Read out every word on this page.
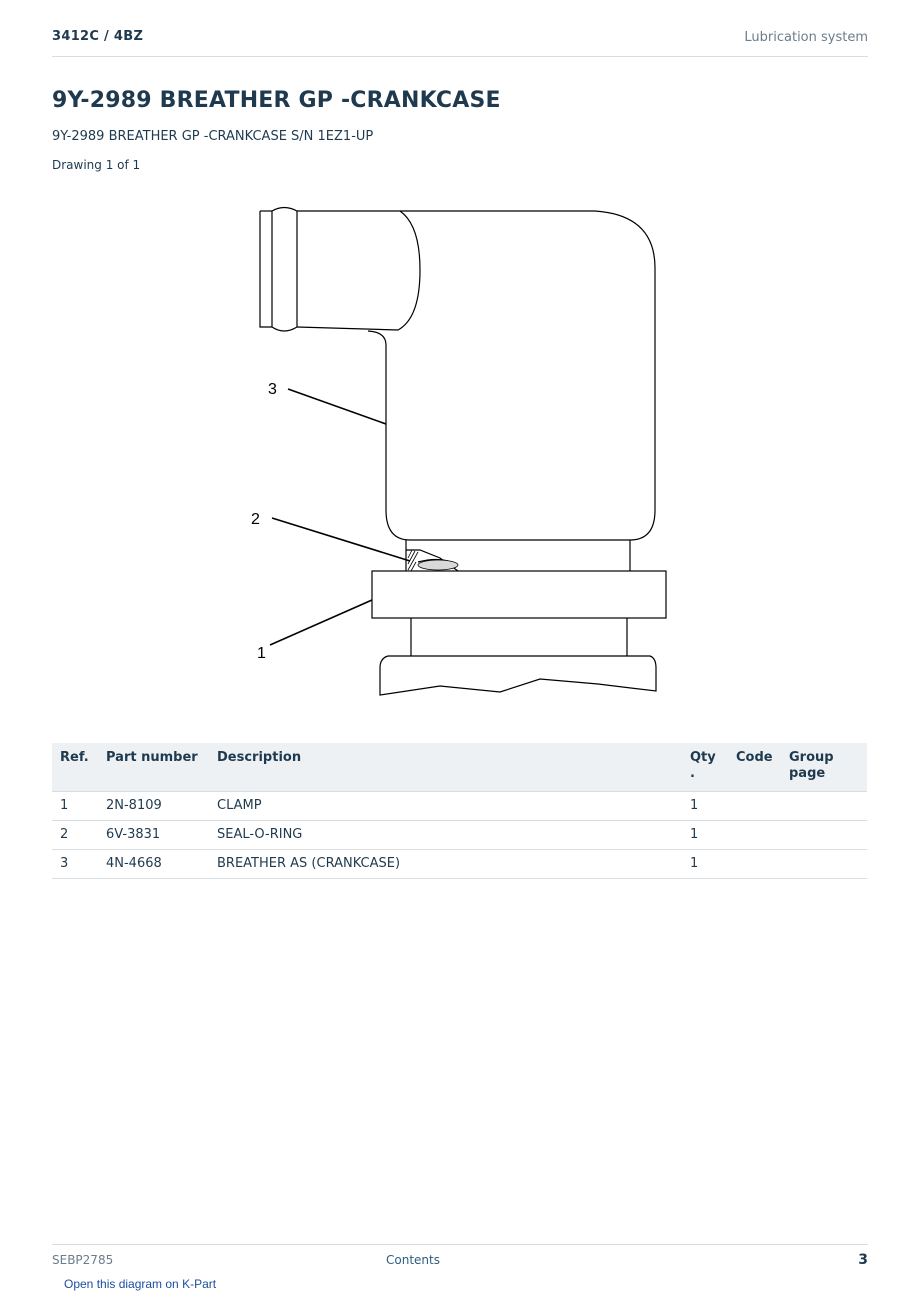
3412C / 4BZ	Lubrication system
9Y-2989 BREATHER GP -CRANKCASE
9Y-2989 BREATHER GP -CRANKCASE S/N 1EZ1-UP
Drawing 1 of 1
3
2
1
Ref.	Part number	Description	Qty .	Code	Group page
1	2N-8109	CLAMP	1		
2	6V-3831	SEAL-O-RING	1		
3	4N-4668	BREATHER AS (CRANKCASE)	1		
SEBP2785	Contents	3
Open this diagram on K-Part
